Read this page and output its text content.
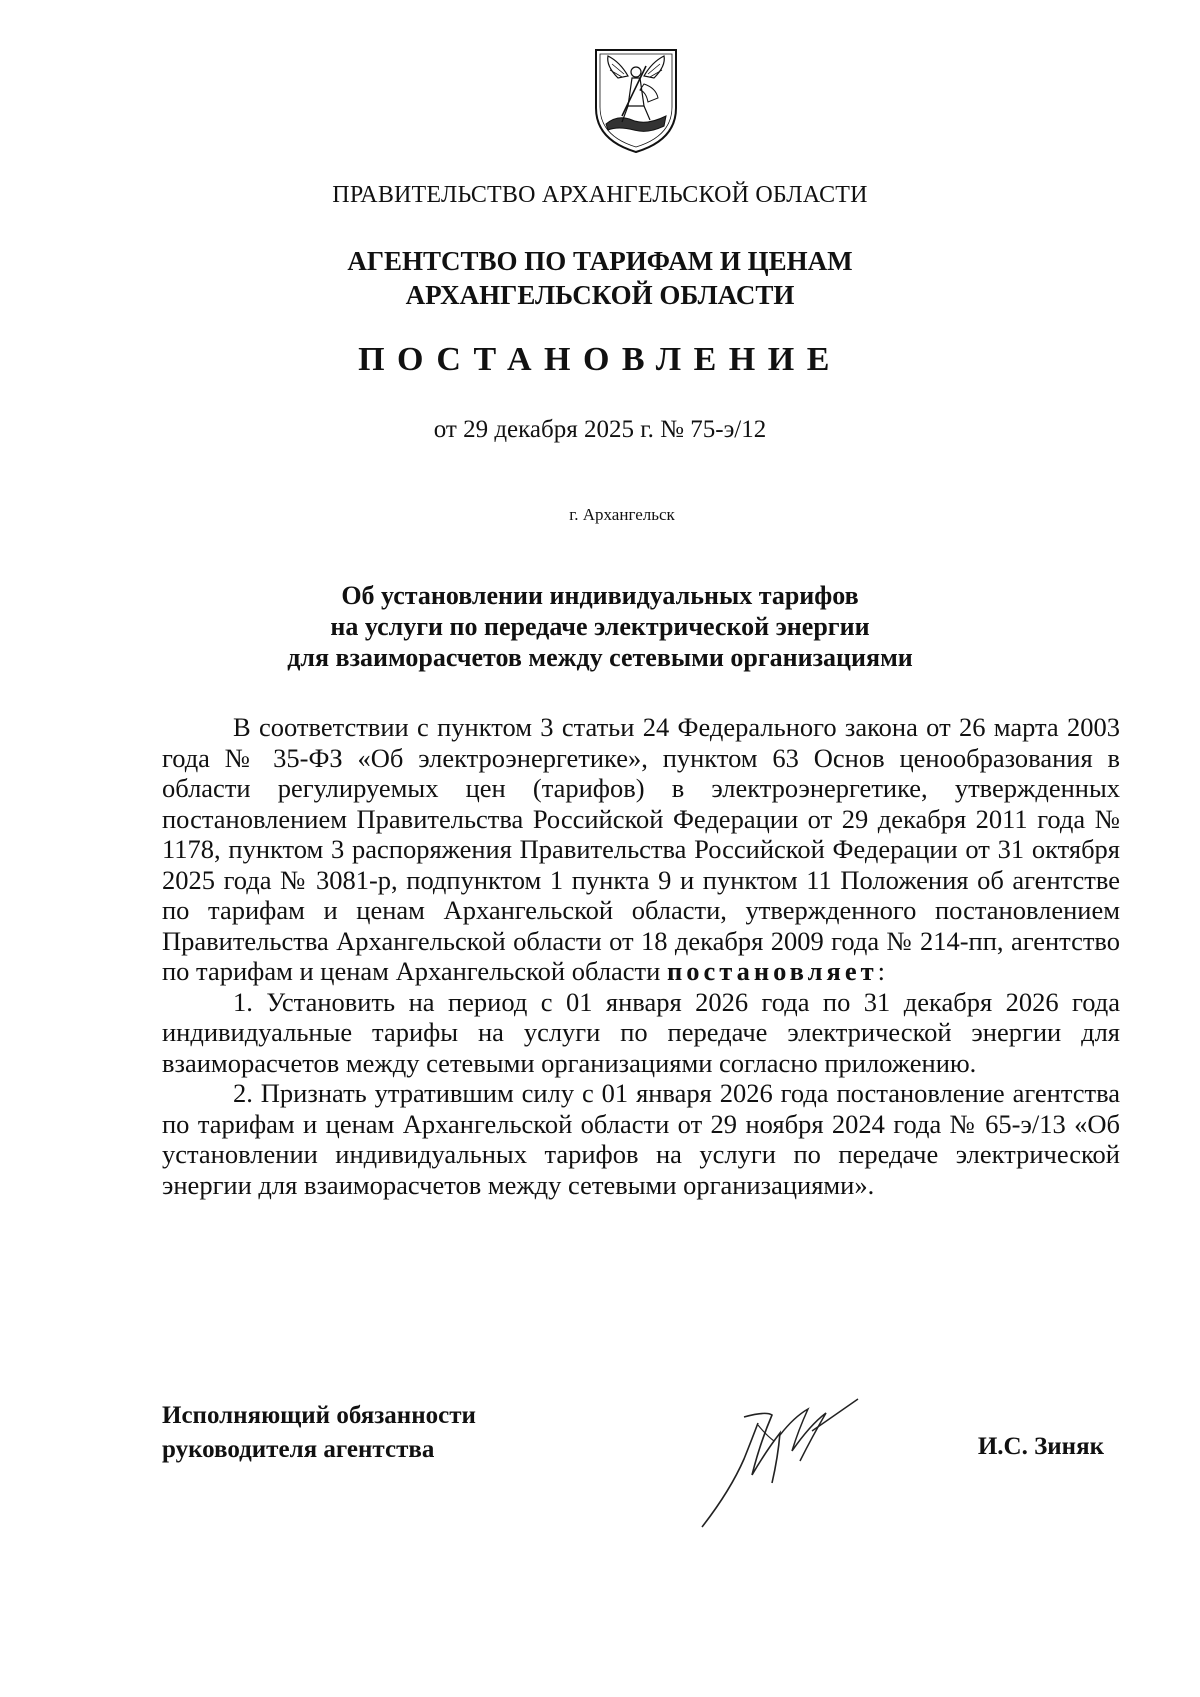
ПРАВИТЕЛЬСТВО АРХАНГЕЛЬСКОЙ ОБЛАСТИ
АГЕНТСТВО ПО ТАРИФАМ И ЦЕНАМ
АРХАНГЕЛЬСКОЙ ОБЛАСТИ
ПОСТАНОВЛЕНИЕ
от 29 декабря 2025 г. № 75-э/12
г. Архангельск
Об установлении индивидуальных тарифов
на услуги по передаче электрической энергии
для взаиморасчетов между сетевыми организациями

В соответствии с пунктом 3 статьи 24 Федерального закона от 26 марта 2003 года № 35-ФЗ «Об электроэнергетике», пунктом 63 Основ ценообразования в области регулируемых цен (тарифов) в электроэнергетике, утвержденных постановлением Правительства Российской Федерации от 29 декабря 2011 года № 1178, пунктом 3 распоряжения Правительства Российской Федерации от 31 октября 2025 года № 3081-р, подпунктом 1 пункта 9 и пунктом 11 Положения об агентстве по тарифам и ценам Архангельской области, утвержденного постановлением Правительства Архангельской области от 18 декабря 2009 года № 214-пп, агентство по тарифам и ценам Архангельской области постановляет:

1. Установить на период с 01 января 2026 года по 31 декабря 2026 года индивидуальные тарифы на услуги по передаче электрической энергии для взаиморасчетов между сетевыми организациями согласно приложению.

2. Признать утратившим силу с 01 января 2026 года постановление агентства по тарифам и ценам Архангельской области от 29 ноября 2024 года № 65-э/13 «Об установлении индивидуальных тарифов на услуги по передаче электрической энергии для взаиморасчетов между сетевыми организациями».

Исполняющий обязанности
руководителя агентства	И.С. Зиняк
